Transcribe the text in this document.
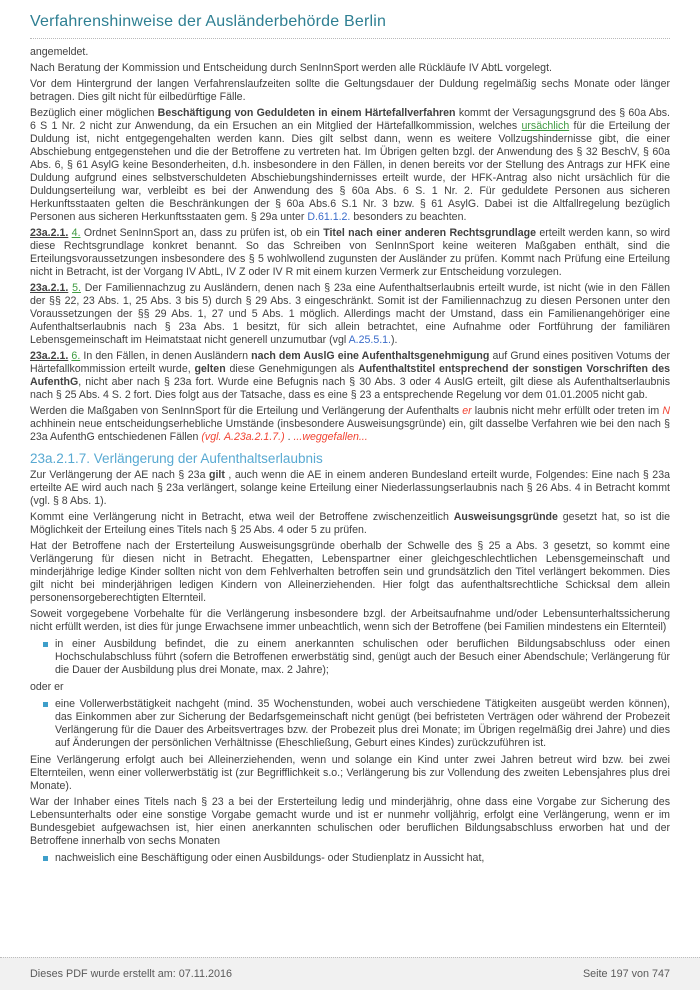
Verfahrenshinweise der Ausländerbehörde Berlin

angemeldet.

Nach Beratung der Kommission und Entscheidung durch SenInnSport werden alle Rückläufe IV AbtL vorgelegt.

Vor dem Hintergrund der langen Verfahrenslaufzeiten sollte die Geltungsdauer der Duldung regelmäßig sechs Monate oder länger betragen. Dies gilt nicht für eilbedürftige Fälle.

Bezüglich einer möglichen Beschäftigung von Geduldeten in einem Härtefallverfahren kommt der Versagungsgrund des § 60a Abs. 6 S 1 Nr. 2 nicht zur Anwendung, da ein Ersuchen an ein Mitglied der Härtefallkommission, welches ursächlich für die Erteilung der Duldung ist, nicht entgegengehalten werden kann. Dies gilt selbst dann, wenn es weitere Vollzugshindernisse gibt, die einer Abschiebung entgegenstehen und die der Betroffene zu vertreten hat. Im Übrigen gelten bzgl. der Anwendung des § 32 BeschV, § 60a Abs. 6, § 61 AsylG keine Besonderheiten, d.h. insbesondere in den Fällen, in denen bereits vor der Stellung des Antrags zur HFK eine Duldung aufgrund eines selbstverschuldeten Abschiebungshindernisses erteilt wurde, der HFK-Antrag also nicht ursächlich für die Duldungserteilung war, verbleibt es bei der Anwendung des § 60a Abs. 6 S. 1 Nr. 2. Für geduldete Personen aus sicheren Herkunftsstaaten gelten die Beschränkungen der § 60a Abs.6 S.1 Nr. 3 bzw. § 61 AsylG. Dabei ist die Altfallregelung bezüglich Personen aus sicheren Herkunftsstaaten gem. § 29a unter D.61.1.2. besonders zu beachten.

23a.2.1. 4. Ordnet SenInnSport an, dass zu prüfen ist, ob ein Titel nach einer anderen Rechtsgrundlage erteilt werden kann, so wird diese Rechtsgrundlage konkret benannt. So das Schreiben von SenInnSport keine weiteren Maßgaben enthält, sind die Erteilungsvoraussetzungen insbesondere des § 5 wohlwollend zugunsten der Ausländer zu prüfen. Kommt nach Prüfung eine Erteilung nicht in Betracht, ist der Vorgang IV AbtL, IV Z oder IV R mit einem kurzen Vermerk zur Entscheidung vorzulegen.

23a.2.1. 5. Der Familiennachzug zu Ausländern, denen nach § 23a eine Aufenthaltserlaubnis erteilt wurde, ist nicht (wie in den Fällen der §§ 22, 23 Abs. 1, 25 Abs. 3 bis 5) durch § 29 Abs. 3 eingeschränkt. Somit ist der Familiennachzug zu diesen Personen unter den Voraussetzungen der §§ 29 Abs. 1, 27 und 5 Abs. 1 möglich. Allerdings macht der Umstand, dass ein Familienangehöriger eine Aufenthaltserlaubnis nach § 23a Abs. 1 besitzt, für sich allein betrachtet, eine Aufnahme oder Fortführung der familiären Lebensgemeinschaft im Heimatstaat nicht generell unzumutbar (vgl A.25.5.1.).

23a.2.1. 6. In den Fällen, in denen Ausländern nach dem AuslG eine Aufenthaltsgenehmigung auf Grund eines positiven Votums der Härtefallkommission erteilt wurde, gelten diese Genehmigungen als Aufenthaltstitel entsprechend der sonstigen Vorschriften des AufenthG, nicht aber nach § 23a fort. Wurde eine Befugnis nach § 30 Abs. 3 oder 4 AuslG erteilt, gilt diese als Aufenthaltserlaubnis nach § 25 Abs. 4 S. 2 fort. Dies folgt aus der Tatsache, dass es eine § 23 a entsprechende Regelung vor dem 01.01.2005 nicht gab.

Werden die Maßgaben von SenInnSport für die Erteilung und Verlängerung der Aufenthalts er laubnis nicht mehr erfüllt oder treten im N achhinein neue entscheidungserhebliche Umstände (insbesondere Ausweisungsgründe) ein, gilt dasselbe Verfahren wie bei den nach § 23a AufenthG entschiedenen Fällen (vgl. A.23a.2.1.7.) . ...weggefallen...

23a.2.1.7. Verlängerung der Aufenthaltserlaubnis

Zur Verlängerung der AE nach § 23a gilt , auch wenn die AE in einem anderen Bundesland erteilt wurde, Folgendes: Eine nach § 23a erteilte AE wird auch nach § 23a verlängert, solange keine Erteilung einer Niederlassungserlaubnis nach § 26 Abs. 4 in Betracht kommt (vgl. § 8 Abs. 1).

Kommt eine Verlängerung nicht in Betracht, etwa weil der Betroffene zwischenzeitlich Ausweisungsgründe gesetzt hat, so ist die Möglichkeit der Erteilung eines Titels nach § 25 Abs. 4 oder 5 zu prüfen.

Hat der Betroffene nach der Ersterteilung Ausweisungsgründe oberhalb der Schwelle des § 25 a Abs. 3 gesetzt, so kommt eine Verlängerung für diesen nicht in Betracht. Ehegatten, Lebenspartner einer gleichgeschlechtlichen Lebensgemeinschaft und minderjährige ledige Kinder sollten nicht von dem Fehlverhalten betroffen sein und grundsätzlich den Titel verlängert bekommen. Dies gilt nicht bei minderjährigen ledigen Kindern von Alleinerziehenden. Hier folgt das aufenthaltsrechtliche Schicksal dem allein personensorgeberechtigten Elternteil.

Soweit vorgegebene Vorbehalte für die Verlängerung insbesondere bzgl. der Arbeitsaufnahme und/oder Lebensunterhaltssicherung nicht erfüllt werden, ist dies für junge Erwachsene immer unbeachtlich, wenn sich der Betroffene (bei Familien mindestens ein Elternteil)

in einer Ausbildung befindet, die zu einem anerkannten schulischen oder beruflichen Bildungsabschluss oder einen Hochschulabschluss führt (sofern die Betroffenen erwerbstätig sind, genügt auch der Besuch einer Abendschule; Verlängerung für die Dauer der Ausbildung plus drei Monate, max. 2 Jahre);

oder er

eine Vollerwerbstätigkeit nachgeht (mind. 35 Wochenstunden, wobei auch verschiedene Tätigkeiten ausgeübt werden können), das Einkommen aber zur Sicherung der Bedarfsgemeinschaft nicht genügt (bei befristeten Verträgen oder während der Probezeit Verlängerung für die Dauer des Arbeitsvertrages bzw. der Probezeit plus drei Monate; im Übrigen regelmäßig drei Jahre) und dies auf Änderungen der persönlichen Verhältnisse (Eheschließung, Geburt eines Kindes) zurückzuführen ist.

Eine Verlängerung erfolgt auch bei Alleinerziehenden, wenn und solange ein Kind unter zwei Jahren betreut wird bzw. bei zwei Elternteilen, wenn einer vollerwerbstätig ist (zur Begrifflichkeit s.o.; Verlängerung bis zur Vollendung des zweiten Lebensjahres plus drei Monate).

War der Inhaber eines Titels nach § 23 a bei der Ersterteilung ledig und minderjährig, ohne dass eine Vorgabe zur Sicherung des Lebensunterhalts oder eine sonstige Vorgabe gemacht wurde und ist er nunmehr volljährig, erfolgt eine Verlängerung, wenn er im Bundesgebiet aufgewachsen ist, hier einen anerkannten schulischen oder beruflichen Bildungsabschluss erworben hat und der Betroffene innerhalb von sechs Monaten

nachweislich eine Beschäftigung oder einen Ausbildungs- oder Studienplatz in Aussicht hat,
Dieses PDF wurde erstellt am: 07.11.2016	Seite 197 von 747
